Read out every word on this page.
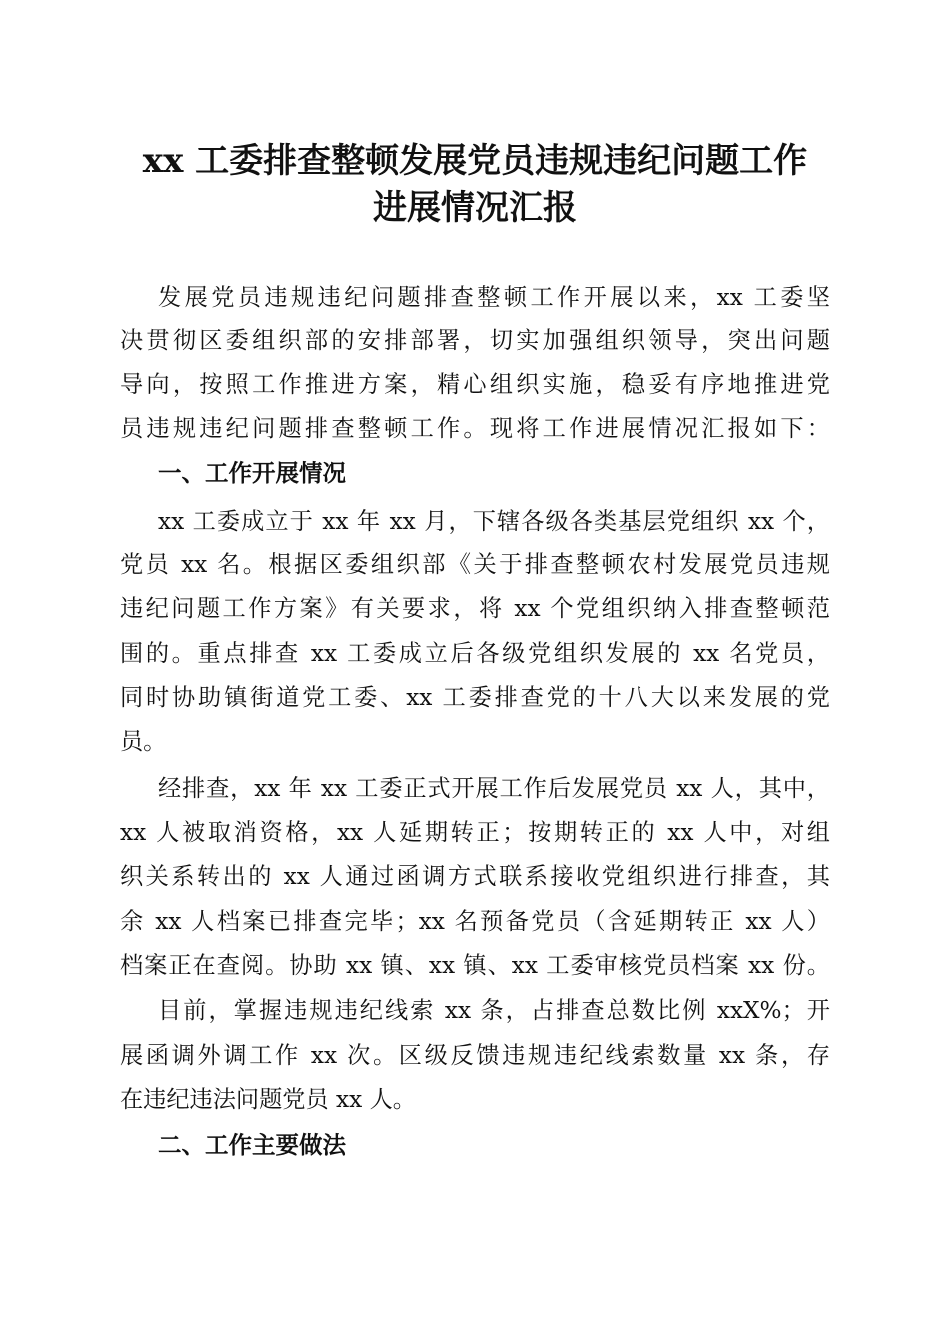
xx 工委排查整顿发展党员违规违纪问题工作
进展情况汇报
发展党员违规违纪问题排查整顿工作开展以来，xx 工委坚
决贯彻区委组织部的安排部署，切实加强组织领导，突出问题
导向，按照工作推进方案，精心组织实施，稳妥有序地推进党
员违规违纪问题排查整顿工作。现将工作进展情况汇报如下：
一、工作开展情况
xx 工委成立于 xx 年 xx 月，下辖各级各类基层党组织 xx 个，
党员 xx 名。根据区委组织部《关于排查整顿农村发展党员违规
违纪问题工作方案》有关要求，将 xx 个党组织纳入排查整顿范
围的。重点排查 xx 工委成立后各级党组织发展的 xx 名党员，
同时协助镇街道党工委、xx 工委排查党的十八大以来发展的党
员。
经排查，xx 年 xx 工委正式开展工作后发展党员 xx 人，其中，
xx 人被取消资格，xx 人延期转正；按期转正的 xx 人中，对组
织关系转出的 xx 人通过函调方式联系接收党组织进行排查，其
余 xx 人档案已排查完毕；xx 名预备党员（含延期转正 xx 人）
档案正在查阅。协助 xx 镇、xx 镇、xx 工委审核党员档案 xx 份。
目前，掌握违规违纪线索 xx 条，占排查总数比例 xxX%；开
展函调外调工作 xx 次。区级反馈违规违纪线索数量 xx 条，存
在违纪违法问题党员 xx 人。
二、工作主要做法
